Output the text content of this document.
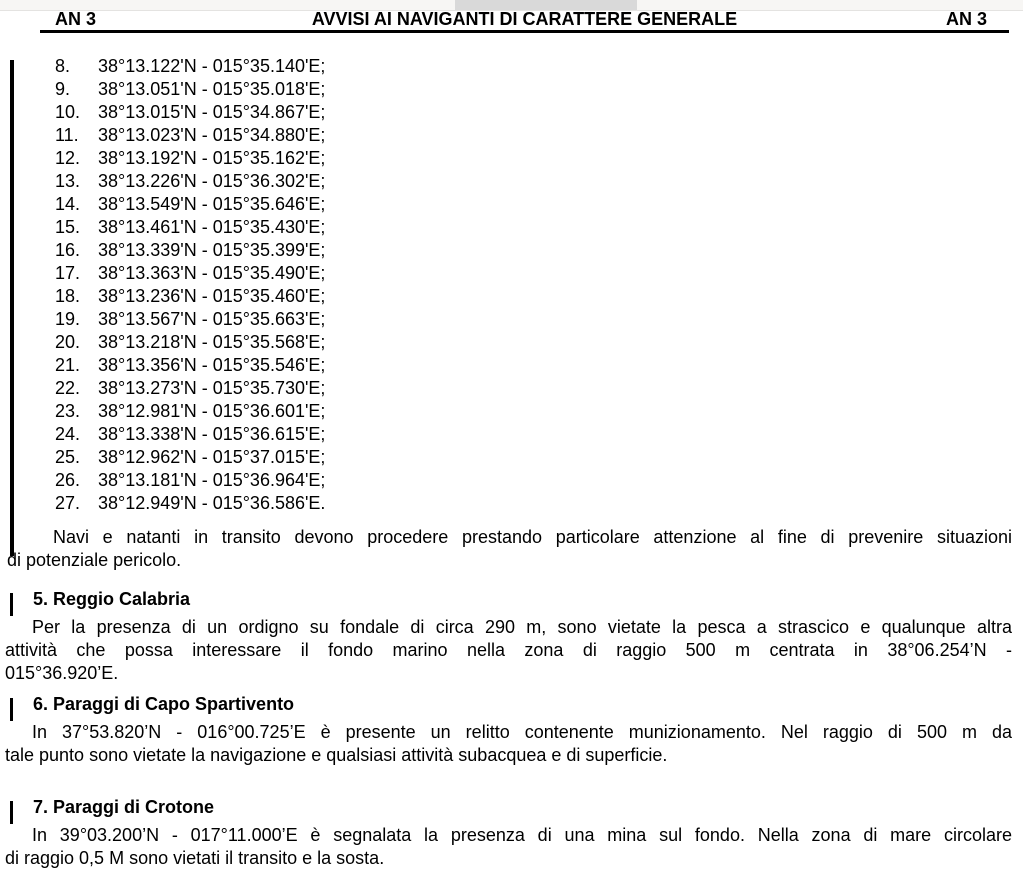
AN 3	AVVISI AI NAVIGANTI DI CARATTERE GENERALE	AN 3
8.	38°13.122'N - 015°35.140'E;
9.	38°13.051'N - 015°35.018'E;
10. 38°13.015'N - 015°34.867'E;
11.	38°13.023'N - 015°34.880'E;
12. 38°13.192'N - 015°35.162'E;
13. 38°13.226'N - 015°36.302'E;
14. 38°13.549'N - 015°35.646'E;
15. 38°13.461'N - 015°35.430'E;
16. 38°13.339'N - 015°35.399'E;
17. 38°13.363'N - 015°35.490'E;
18. 38°13.236'N - 015°35.460'E;
19. 38°13.567'N - 015°35.663'E;
20. 38°13.218'N - 015°35.568'E;
21. 38°13.356'N - 015°35.546'E;
22. 38°13.273'N - 015°35.730'E;
23. 38°12.981'N - 015°36.601'E;
24. 38°13.338'N - 015°36.615'E;
25. 38°12.962'N - 015°37.015'E;
26. 38°13.181'N - 015°36.964'E;
27. 38°12.949'N - 015°36.586'E.
Navi e natanti in transito devono procedere prestando particolare attenzione al fine di prevenire situazioni
di potenziale pericolo.
5. Reggio Calabria
Per la presenza di un ordigno su fondale di circa 290 m, sono vietate la pesca a strascico e qualunque altra
attività che possa interessare il fondo marino nella zona di raggio 500 m centrata in 38°06.254’N -
015°36.920’E.
6. Paraggi di Capo Spartivento
In 37°53.820’N - 016°00.725’E è presente un relitto contenente munizionamento. Nel raggio di 500 m da
tale punto sono vietate la navigazione e qualsiasi attività subacquea e di superficie.
7. Paraggi di Crotone
In 39°03.200’N - 017°11.000’E è segnalata la presenza di una mina sul fondo. Nella zona di mare circolare
di raggio 0,5 M sono vietati il transito e la sosta.
